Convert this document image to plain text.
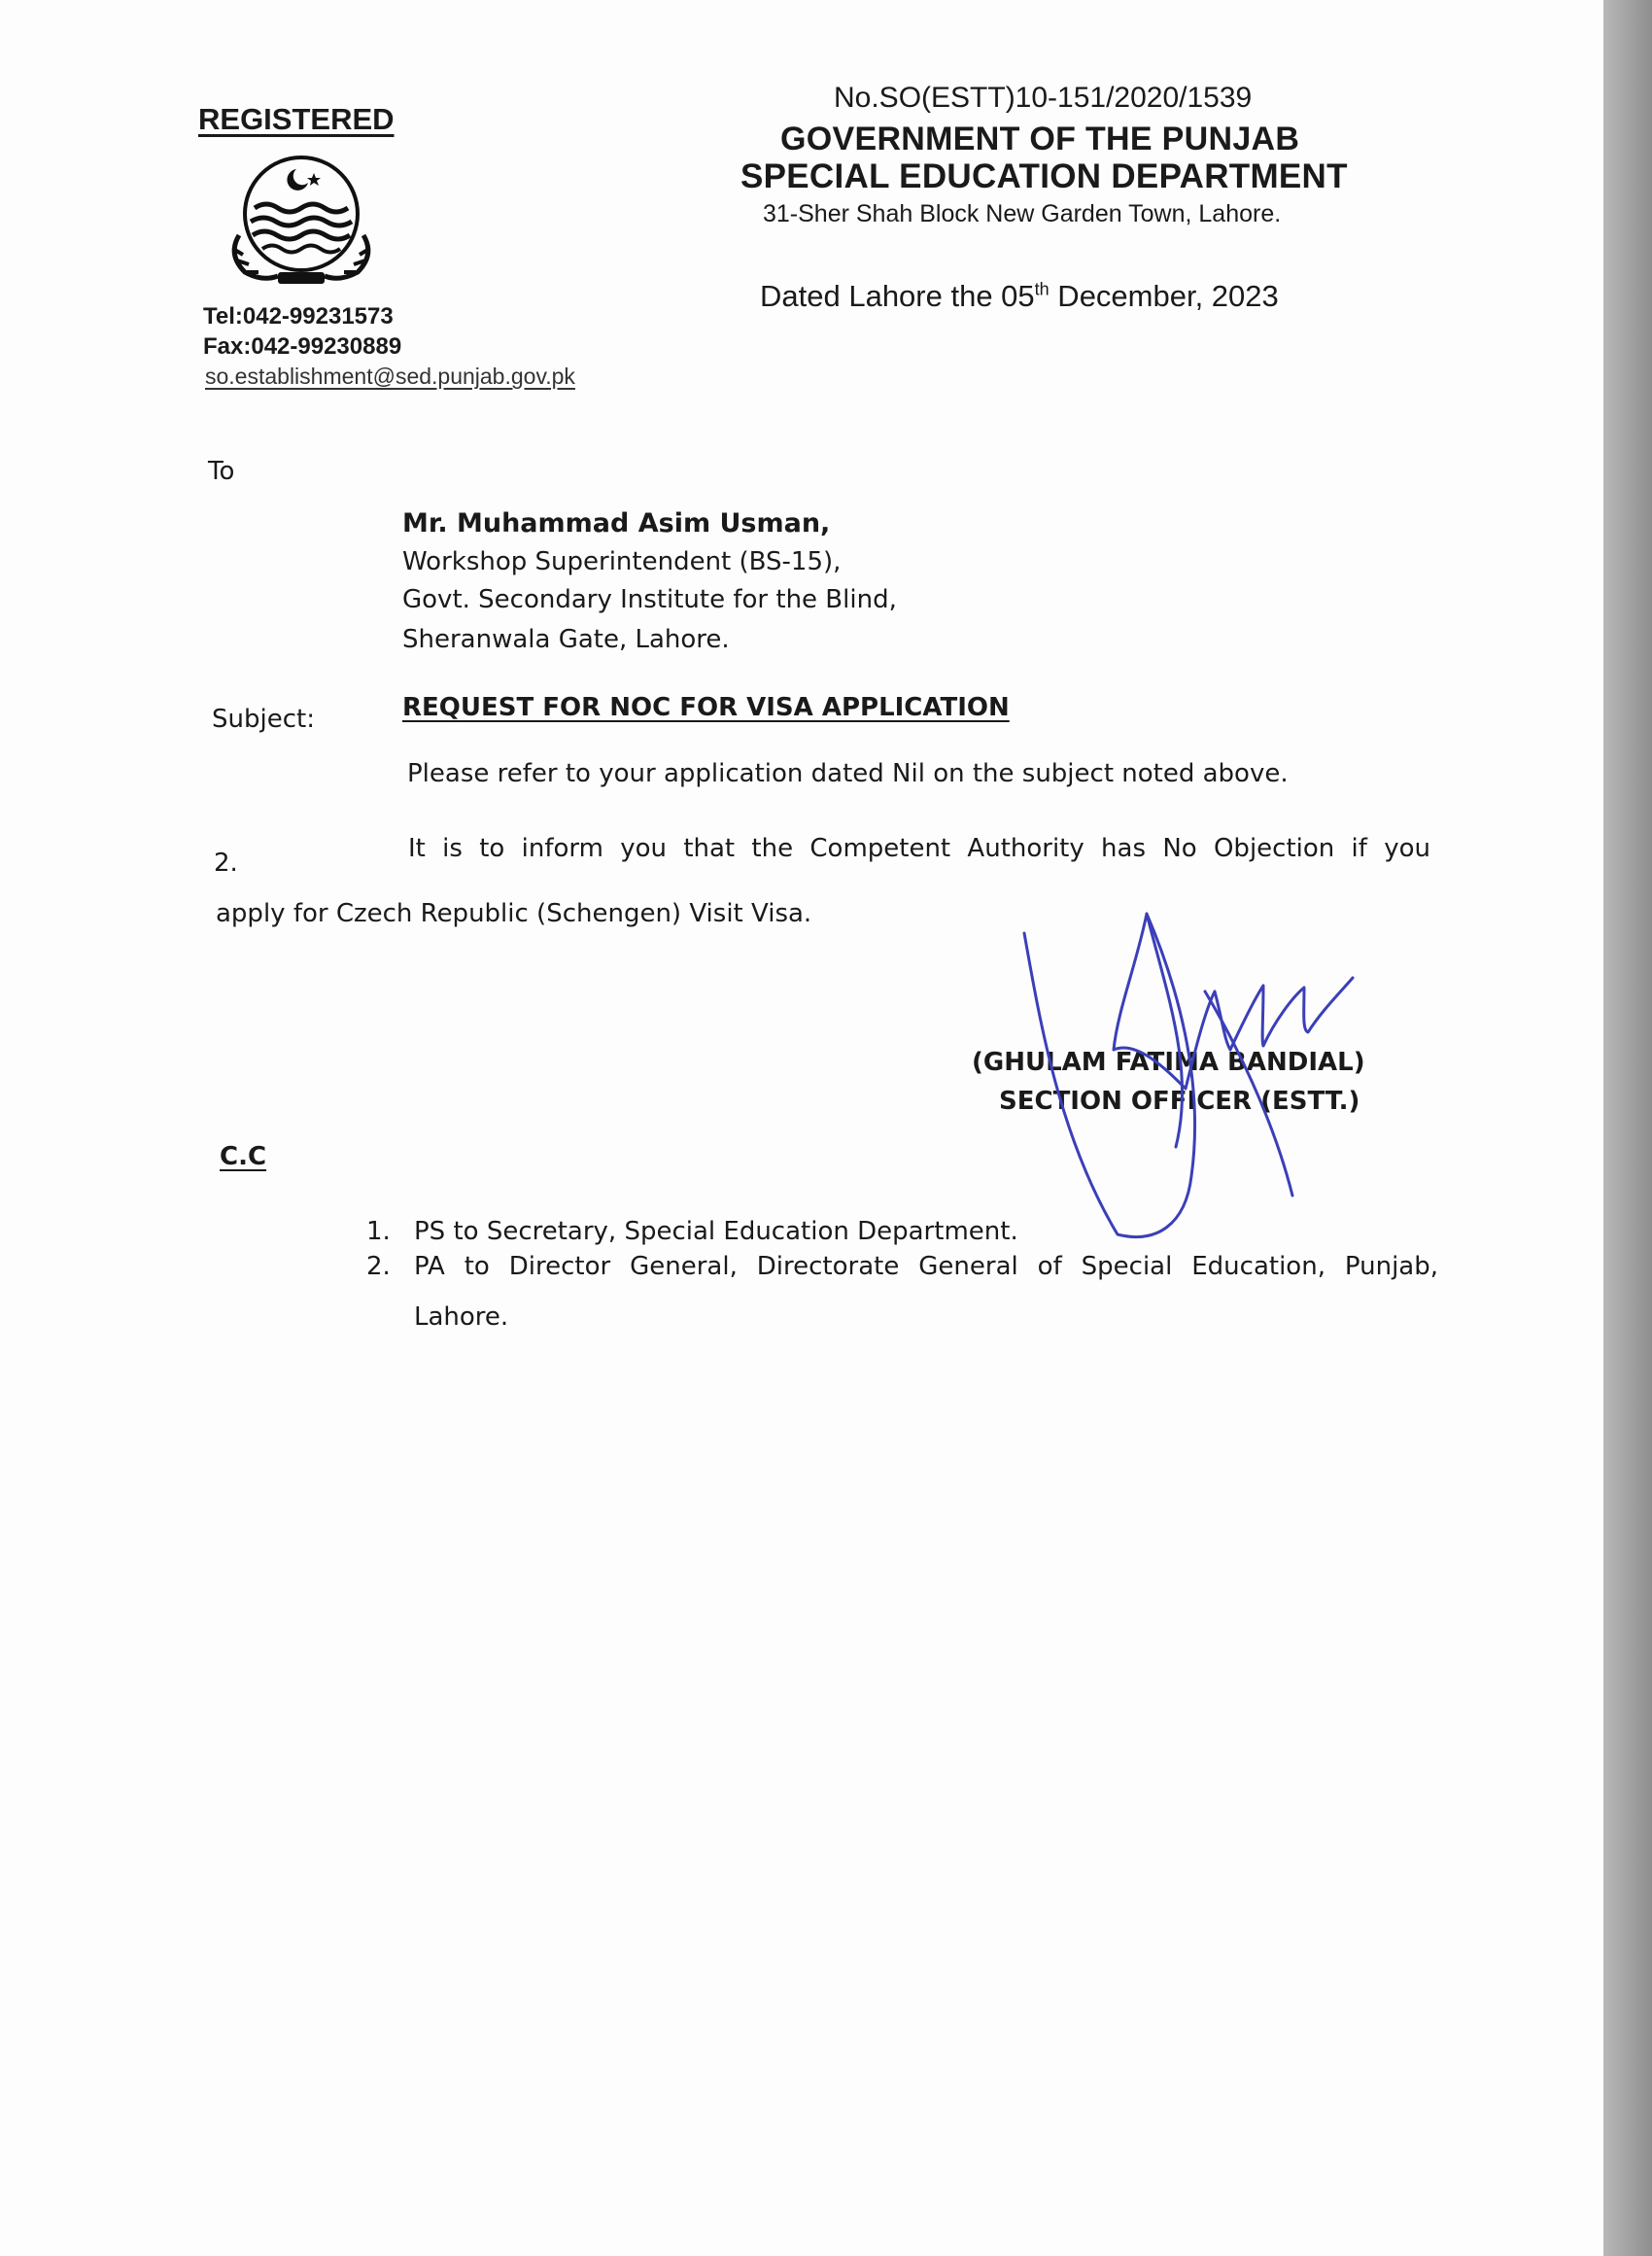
REGISTERED
Tel:042-99231573
Fax:042-99230889
so.establishment@sed.punjab.gov.pk
No.SO(ESTT)10-151/2020/1539
GOVERNMENT OF THE PUNJAB
SPECIAL EDUCATION DEPARTMENT
31-Sher Shah Block New Garden Town, Lahore.
Dated Lahore the 05th December, 2023
To
Mr. Muhammad Asim Usman,
Workshop Superintendent (BS-15),
Govt. Secondary Institute for the Blind,
Sheranwala Gate, Lahore.
Subject:	REQUEST FOR NOC FOR VISA APPLICATION
Please refer to your application dated Nil on the subject noted above.
2.	It is to inform you that the Competent Authority has No Objection if you
apply for Czech Republic (Schengen) Visit Visa.
(GHULAM FATIMA BANDIAL)
SECTION OFFICER (ESTT.)
C.C
1. PS to Secretary, Special Education Department.
2. PA to Director General, Directorate General of Special Education, Punjab,
Lahore.
